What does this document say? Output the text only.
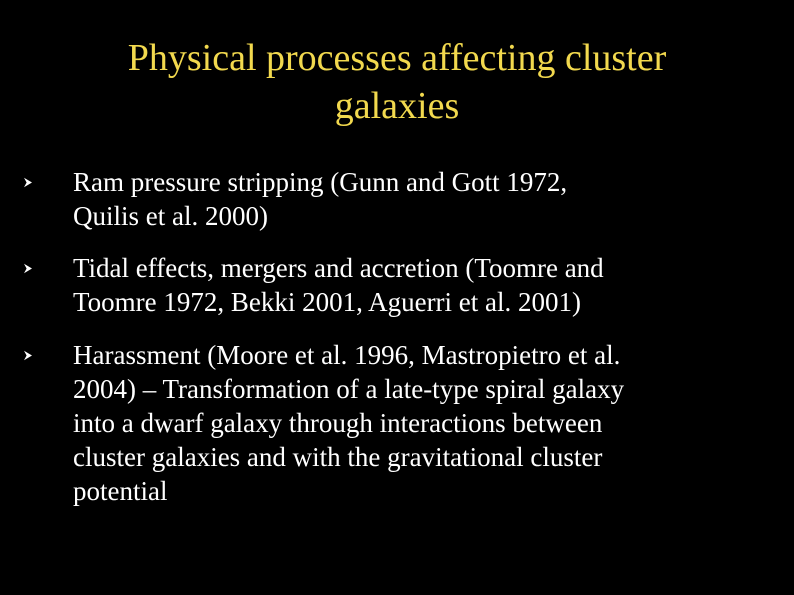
Physical processes affecting cluster
galaxies
Ram pressure stripping (Gunn and Gott 1972,
Quilis et al. 2000)
Tidal effects, mergers and accretion (Toomre and
Toomre 1972, Bekki 2001, Aguerri et al. 2001)
Harassment (Moore et al. 1996, Mastropietro et al.
2004) – Transformation of a late-type spiral galaxy
into a dwarf galaxy through interactions between
cluster galaxies and with the gravitational cluster
potential
